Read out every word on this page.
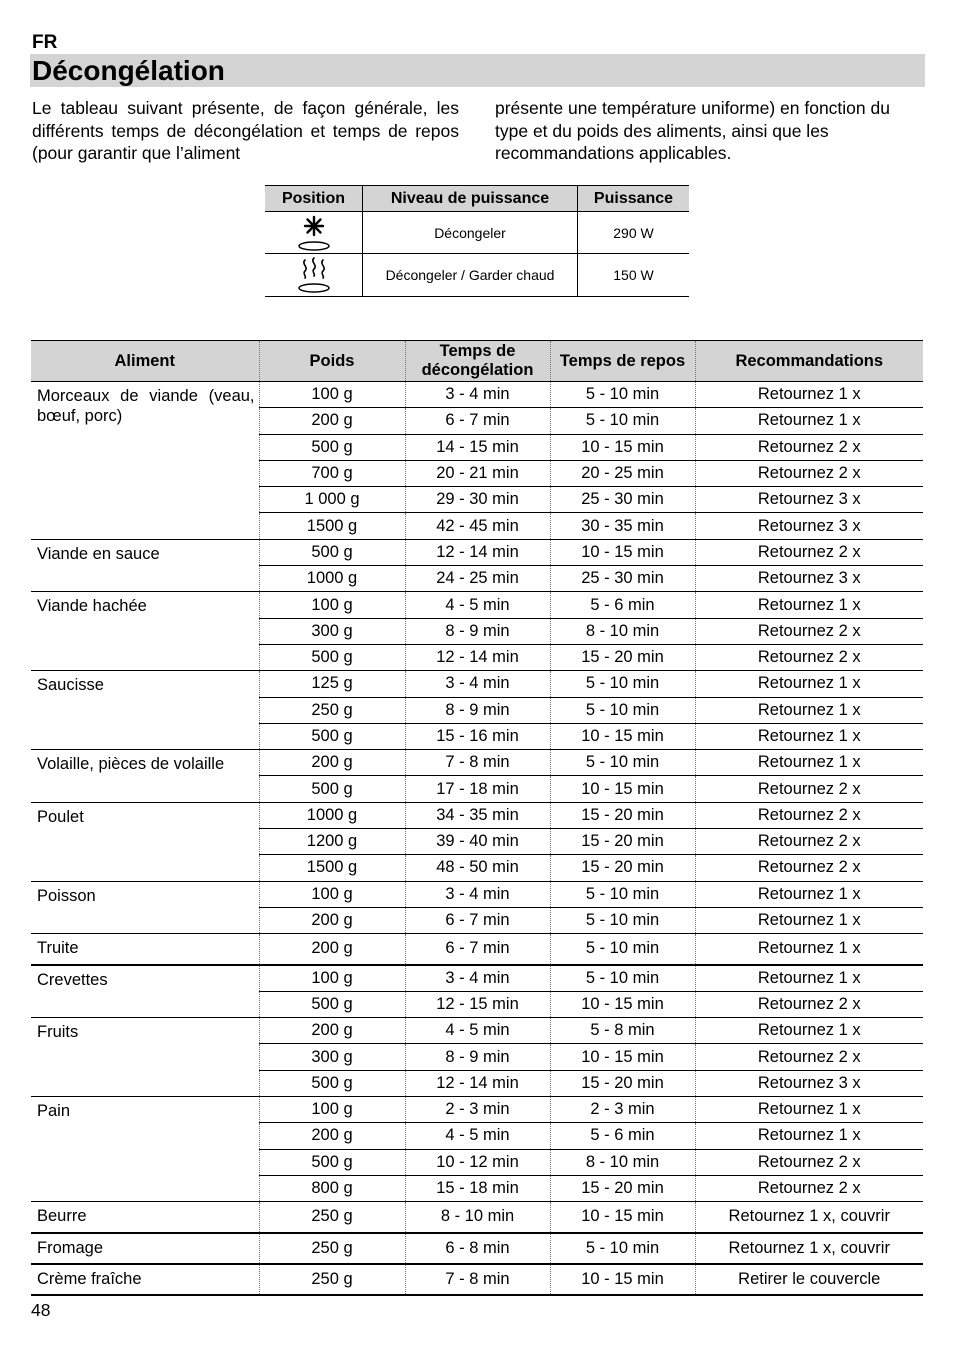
FR
Décongélation
Le tableau suivant présente, de façon générale, les différents temps de décongélation et temps de repos (pour garantir que l’aliment
présente une température uniforme) en fonction du type et du poids des aliments, ainsi que les recommandations applicables.
Position	Niveau de puissance	Puissance

	Décongeler	290 W

	Décongeler / Garder chaud	150 W
Aliment	Poids	Temps de décongélation	Temps de repos	Recommandations
Morceaux de viande (veau, bœuf, porc)	100 g	3 - 4 min	5 - 10 min	Retournez 1 x
	200 g	6 - 7 min	5 - 10 min	Retournez 1 x
	500 g	14 - 15 min	10 - 15 min	Retournez 2 x
	700 g	20 - 21 min	20 - 25 min	Retournez 2 x
	1 000 g	29 - 30 min	25 - 30 min	Retournez 3 x
	1500 g	42 - 45 min	30 - 35 min	Retournez 3 x
Viande en sauce	500 g	12 - 14 min	10 - 15 min	Retournez 2 x
	1000 g	24 - 25 min	25 - 30 min	Retournez 3 x
Viande hachée	100 g	4 - 5 min	5 - 6 min	Retournez 1 x
	300 g	8 - 9 min	8 - 10 min	Retournez 2 x
	500 g	12 - 14 min	15 - 20 min	Retournez 2 x
Saucisse	125 g	3 - 4 min	5 - 10 min	Retournez 1 x
	250 g	8 - 9 min	5 - 10 min	Retournez 1 x
	500 g	15 - 16 min	10 - 15 min	Retournez 1 x
Volaille, pièces de volaille	200 g	7 - 8 min	5 - 10 min	Retournez 1 x
	500 g	17 - 18 min	10 - 15 min	Retournez 2 x
Poulet	1000 g	34 - 35 min	15 - 20 min	Retournez 2 x
	1200 g	39 - 40 min	15 - 20 min	Retournez 2 x
	1500 g	48 - 50 min	15 - 20 min	Retournez 2 x
Poisson	100 g	3 - 4 min	5 - 10 min	Retournez 1 x
	200 g	6 - 7 min	5 - 10 min	Retournez 1 x
Truite	200 g	6 - 7 min	5 - 10 min	Retournez 1 x
Crevettes	100 g	3 - 4 min	5 - 10 min	Retournez 1 x
	500 g	12 - 15 min	10 - 15 min	Retournez 2 x
Fruits	200 g	4 - 5 min	5 - 8 min	Retournez 1 x
	300 g	8 - 9 min	10 - 15 min	Retournez 2 x
	500 g	12 - 14 min	15 - 20 min	Retournez 3 x
Pain	100 g	2 - 3 min	2 - 3 min	Retournez 1 x
	200 g	4 - 5 min	5 - 6 min	Retournez 1 x
	500 g	10 - 12 min	8 - 10 min	Retournez 2 x
	800 g	15 - 18 min	15 - 20 min	Retournez 2 x
Beurre	250 g	8 - 10 min	10 - 15 min	Retournez 1 x, couvrir
Fromage	250 g	6 - 8 min	5 - 10 min	Retournez 1 x, couvrir
Crème fraîche	250 g	7 - 8 min	10 - 15 min	Retirer le couvercle
48
